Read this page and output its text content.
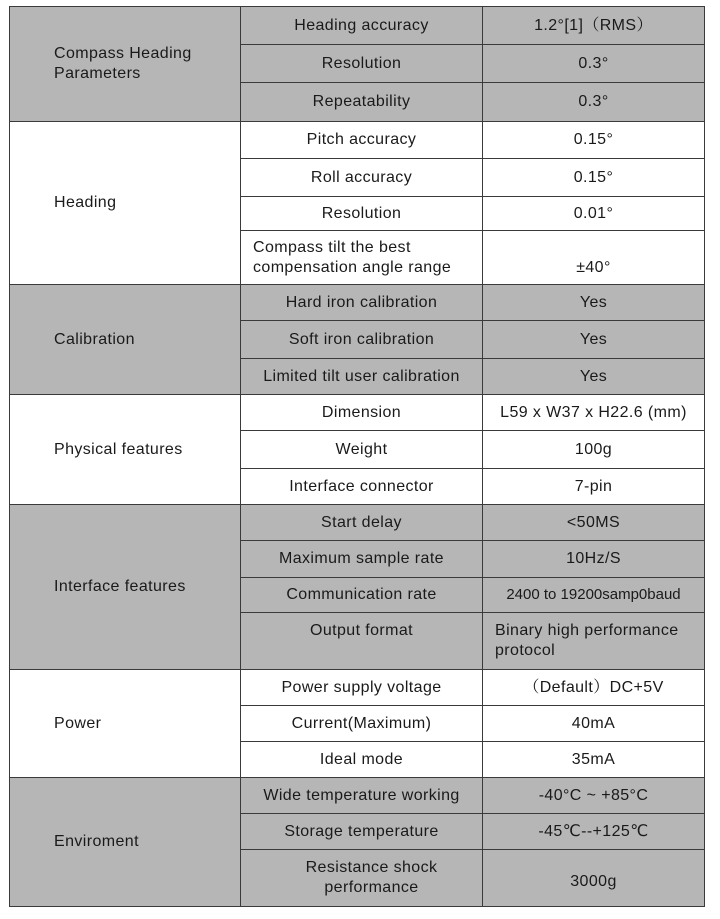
Compass Heading Parameters	Heading accuracy	1.2°[1]（RMS）
	Resolution	0.3°
	Repeatability	0.3°
Heading	Pitch accuracy	0.15°
	Roll accuracy	0.15°
	Resolution	0.01°
	Compass tilt the best compensation angle range	±40°
Calibration	Hard iron calibration	Yes
	Soft iron calibration	Yes
	Limited tilt user calibration	Yes
Physical features	Dimension	L59 x W37 x H22.6 (mm)
	Weight	100g
	Interface connector	7-pin
Interface features	Start delay	<50MS
	Maximum sample rate	10Hz/S
	Communication rate	2400 to 19200samp0baud
	Output format	Binary high performance protocol
Power	Power supply voltage	（Default）DC+5V
	Current(Maximum)	40mA
	Ideal mode	35mA
Enviroment	Wide temperature working	-40°C ~ +85°C
	Storage temperature	-45℃--+125℃
	Resistance shock performance	3000g
